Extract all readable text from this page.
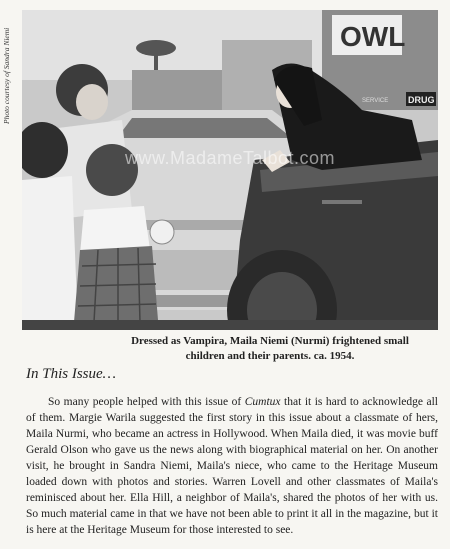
Photo courtesy of Sandra Niemi	OWL
DRUG
SERVICE
www.MadameTalbot.com
Dressed as Vampira, Maila Niemi (Nurmi) frightened small
children and their parents. ca. 1954.
In This Issue…

So many people helped with this issue of Cumtux that it is hard to acknowledge all of them. Margie Warila suggested the first story in this issue about a classmate of hers, Maila Nurmi, who became an actress in Hollywood. When Maila died, it was movie buff Gerald Olson who gave us the news along with biographical material on her. On another visit, he brought in Sandra Niemi, Maila's niece, who came to the Heritage Museum loaded down with photos and stories. Warren Lovell and other classmates of Maila's reminisced about her. Ella Hill, a neighbor of Maila's, shared the photos of her with us. So much material came in that we have not been able to print it all in the magazine, but it is here at the Heritage Museum for those interested to see.
